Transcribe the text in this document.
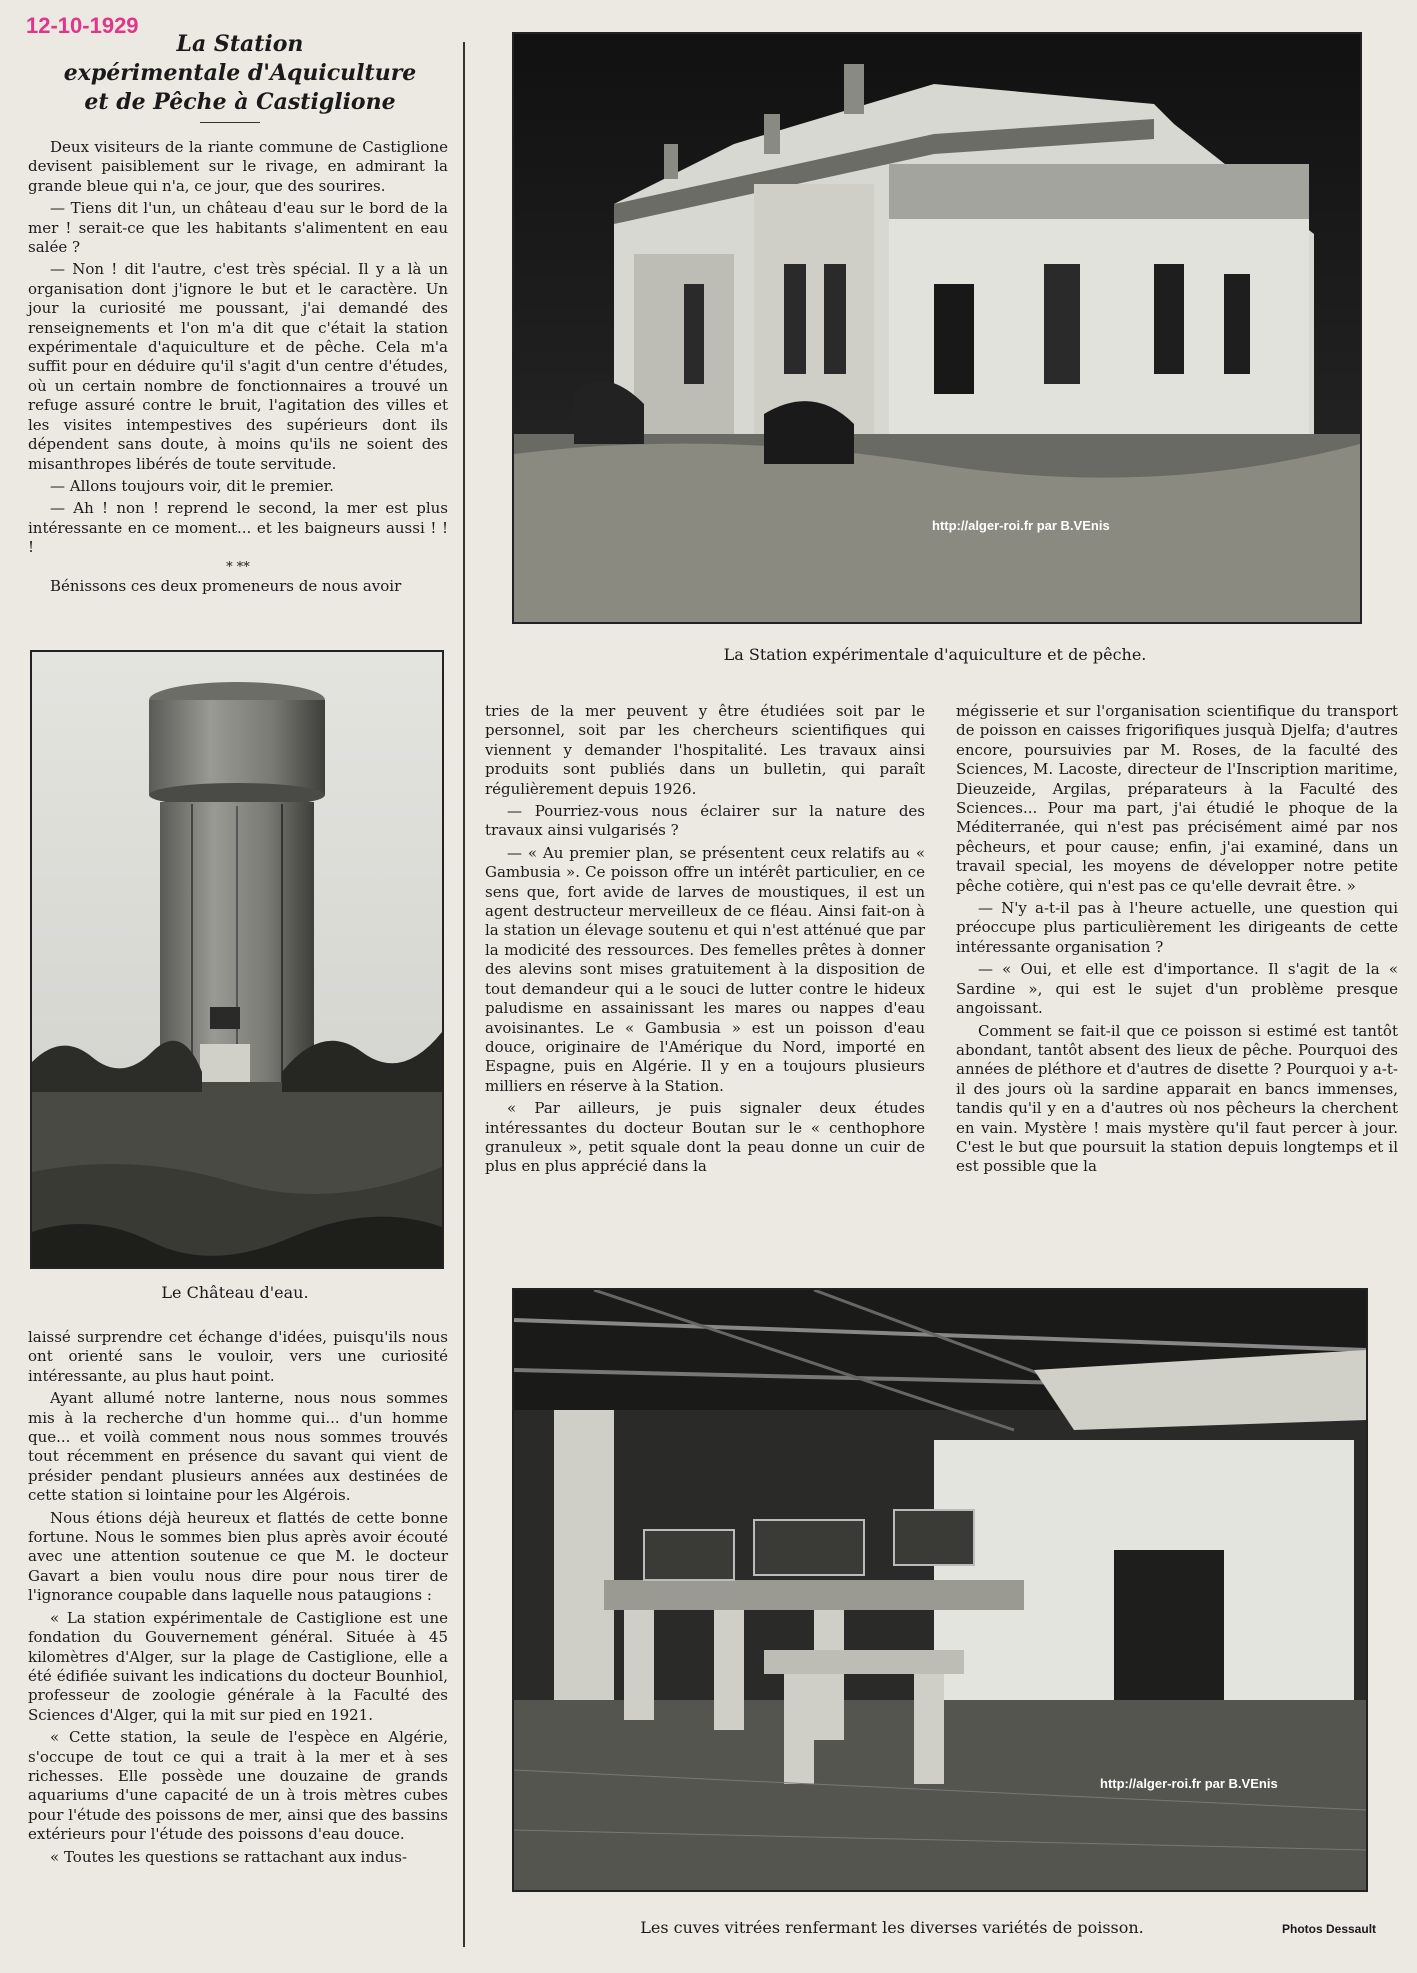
12-10-1929
La Station
expérimentale d'Aquiculture
et de Pêche à Castiglione

Deux visiteurs de la riante commune de Castiglione devisent paisiblement sur le rivage, en admirant la grande bleue qui n'a, ce jour, que des sourires.

— Tiens dit l'un, un château d'eau sur le bord de la mer ! serait-ce que les habitants s'alimentent en eau salée ?

— Non ! dit l'autre, c'est très spécial. Il y a là un organisation dont j'ignore le but et le caractère. Un jour la curiosité me poussant, j'ai demandé des renseignements et l'on m'a dit que c'était la station expérimentale d'aquiculture et de pêche. Cela m'a suffit pour en déduire qu'il s'agit d'un centre d'études, où un certain nombre de fonctionnaires a trouvé un refuge assuré contre le bruit, l'agitation des villes et les visites intempestives des supérieurs dont ils dépendent sans doute, à moins qu'ils ne soient des misanthropes libérés de toute servitude.

— Allons toujours voir, dit le premier.

— Ah ! non ! reprend le second, la mer est plus intéressante en ce moment... et les baigneurs aussi ! ! !

* **

Bénissons ces deux promeneurs de nous avoir

Le Château d'eau.

laissé surprendre cet échange d'idées, puisqu'ils nous ont orienté sans le vouloir, vers une curiosité intéressante, au plus haut point.

Ayant allumé notre lanterne, nous nous sommes mis à la recherche d'un homme qui... d'un homme que... et voilà comment nous nous sommes trouvés tout récemment en présence du savant qui vient de présider pendant plusieurs années aux destinées de cette station si lointaine pour les Algérois.

Nous étions déjà heureux et flattés de cette bonne fortune. Nous le sommes bien plus après avoir écouté avec une attention soutenue ce que M. le docteur Gavart a bien voulu nous dire pour nous tirer de l'ignorance coupable dans laquelle nous pataugions :

« La station expérimentale de Castiglione est une fondation du Gouvernement général. Située à 45 kilomètres d'Alger, sur la plage de Castiglione, elle a été édifiée suivant les indications du docteur Bounhiol, professeur de zoologie générale à la Faculté des Sciences d'Alger, qui la mit sur pied en 1921.

« Cette station, la seule de l'espèce en Algérie, s'occupe de tout ce qui a trait à la mer et à ses richesses. Elle possède une douzaine de grands aquariums d'une capacité de un à trois mètres cubes pour l'étude des poissons de mer, ainsi que des bassins extérieurs pour l'étude des poissons d'eau douce.

« Toutes les questions se rattachant aux indus-

http://alger-roi.fr par B.VEnis
La Station expérimentale d'aquiculture et de pêche.

tries de la mer peuvent y être étudiées soit par le personnel, soit par les chercheurs scientifiques qui viennent y demander l'hospitalité. Les travaux ainsi produits sont publiés dans un bulletin, qui paraît régulièrement depuis 1926.

— Pourriez-vous nous éclairer sur la nature des travaux ainsi vulgarisés ?

— « Au premier plan, se présentent ceux relatifs au « Gambusia ». Ce poisson offre un intérêt particulier, en ce sens que, fort avide de larves de moustiques, il est un agent destructeur merveilleux de ce fléau. Ainsi fait-on à la station un élevage soutenu et qui n'est atténué que par la modicité des ressources. Des femelles prêtes à donner des alevins sont mises gratuitement à la disposition de tout demandeur qui a le souci de lutter contre le hideux paludisme en assainissant les mares ou nappes d'eau avoisinantes. Le « Gambusia » est un poisson d'eau douce, originaire de l'Amérique du Nord, importé en Espagne, puis en Algérie. Il y en a toujours plusieurs milliers en réserve à la Station.

« Par ailleurs, je puis signaler deux études intéressantes du docteur Boutan sur le « centhophore granuleux », petit squale dont la peau donne un cuir de plus en plus apprécié dans la

mégisserie et sur l'organisation scientifique du transport de poisson en caisses frigorifiques jusquà Djelfa; d'autres encore, poursuivies par M. Roses, de la faculté des Sciences, M. Lacoste, directeur de l'Inscription maritime, Dieuzeide, Argilas, préparateurs à la Faculté des Sciences... Pour ma part, j'ai étudié le phoque de la Méditerranée, qui n'est pas précisément aimé par nos pêcheurs, et pour cause; enfin, j'ai examiné, dans un travail special, les moyens de développer notre petite pêche cotière, qui n'est pas ce qu'elle devrait être. »

— N'y a-t-il pas à l'heure actuelle, une question qui préoccupe plus particulièrement les dirigeants de cette intéressante organisation ?

— « Oui, et elle est d'importance. Il s'agit de la « Sardine », qui est le sujet d'un problème presque angoissant.

Comment se fait-il que ce poisson si estimé est tantôt abondant, tantôt absent des lieux de pêche. Pourquoi des années de pléthore et d'autres de disette ? Pourquoi y a-t-il des jours où la sardine apparait en bancs immenses, tandis qu'il y en a d'autres où nos pêcheurs la cherchent en vain. Mystère ! mais mystère qu'il faut percer à jour. C'est le but que poursuit la station depuis longtemps et il est possible que la

http://alger-roi.fr par B.VEnis
Les cuves vitrées renfermant les diverses variétés de poisson.	Photos Dessault
